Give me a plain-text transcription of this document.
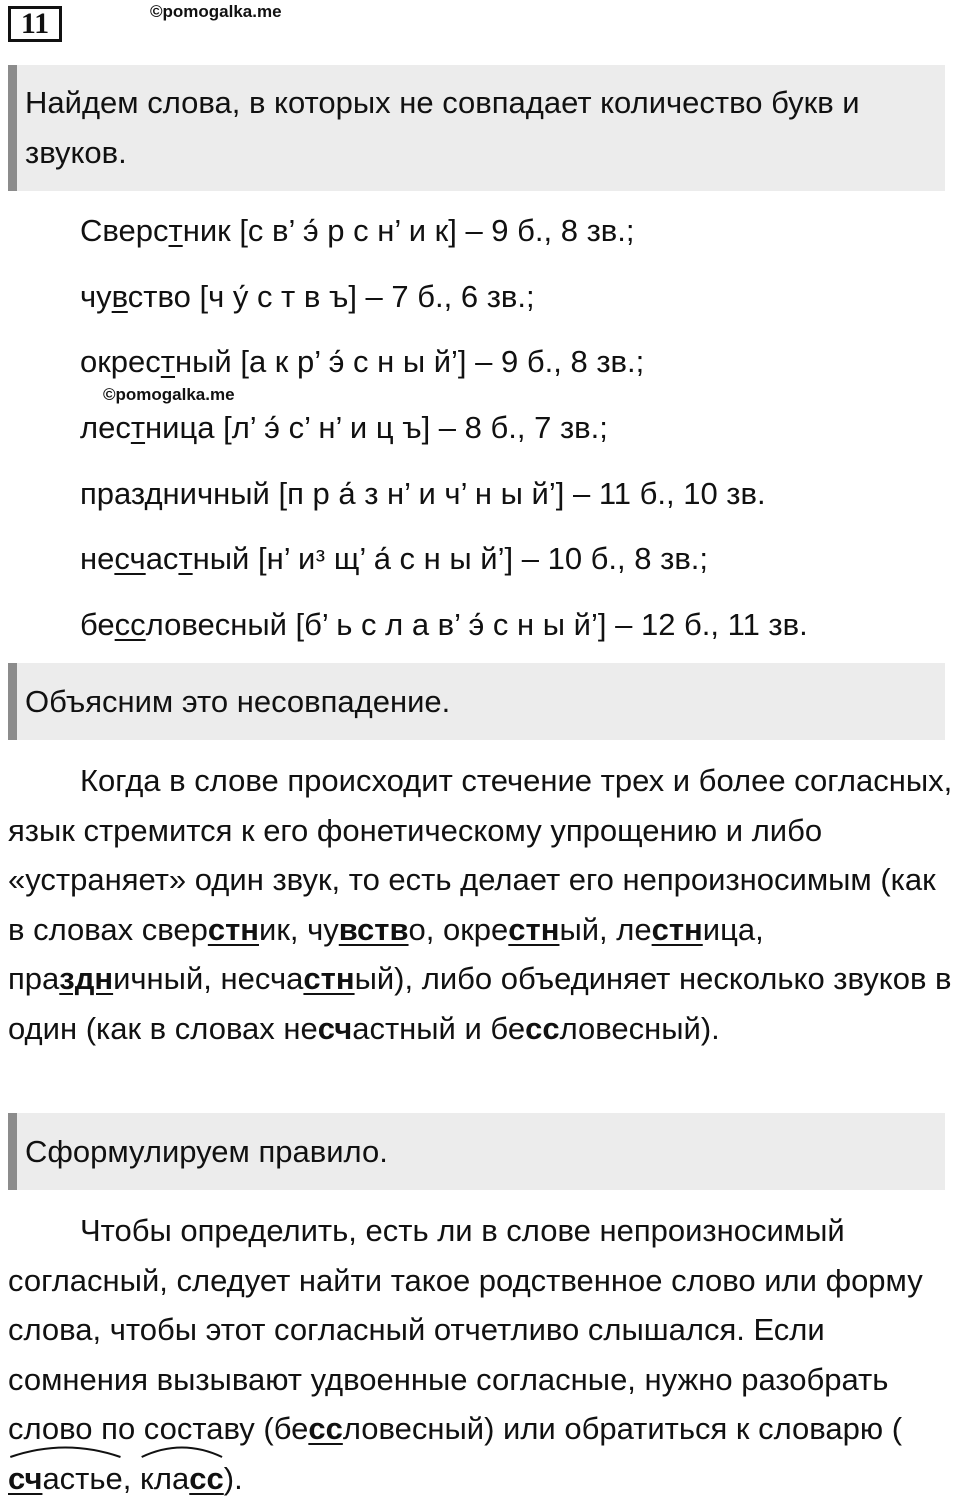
11	©pomogalka.me
Найдем слова, в которых не совпадает количество букв и звуков.
Сверстник [с в’ э́ р с н’ и к] – 9 б., 8 зв.;
чувство [ч у́ с т в ъ] – 7 б., 6 зв.;
окрестный [а к р’ э́ с н ы й’] – 9 б., 8 зв.;
©pomogalka.me
лестница [л’ э́ с’ н’ и ц ъ] – 8 б., 7 зв.;
праздничный [п р а́ з н’ и ч’ н ы й’] – 11 б., 10 зв.
несчастный [н’ иᵌ щ’ а́ с н ы й’] – 10 б., 8 зв.;
бессловесный [б’ ь с л а в’ э́ с н ы й’] – 12 б., 11 зв.
Объясним это несовпадение.
Когда в слове происходит стечение трех и более согласных, язык стремится к его фонетическому упрощению и либо «устраняет» один звук, то есть делает его непроизносимым (как в словах сверстник, чувство, окрестный, лестница, праздничный, несчастный), либо объединяет несколько звуков в один (как в словах несчастный и бессловесный).
Сформулируем правило.
Чтобы определить, есть ли в слове непроизносимый согласный, следует найти такое родственное слово или форму слова, чтобы этот согласный отчетливо слышался. Если сомнения вызывают удвоенные согласные, нужно разобрать слово по составу (бессловесный) или обратиться к словарю (
счастье,
класс).
